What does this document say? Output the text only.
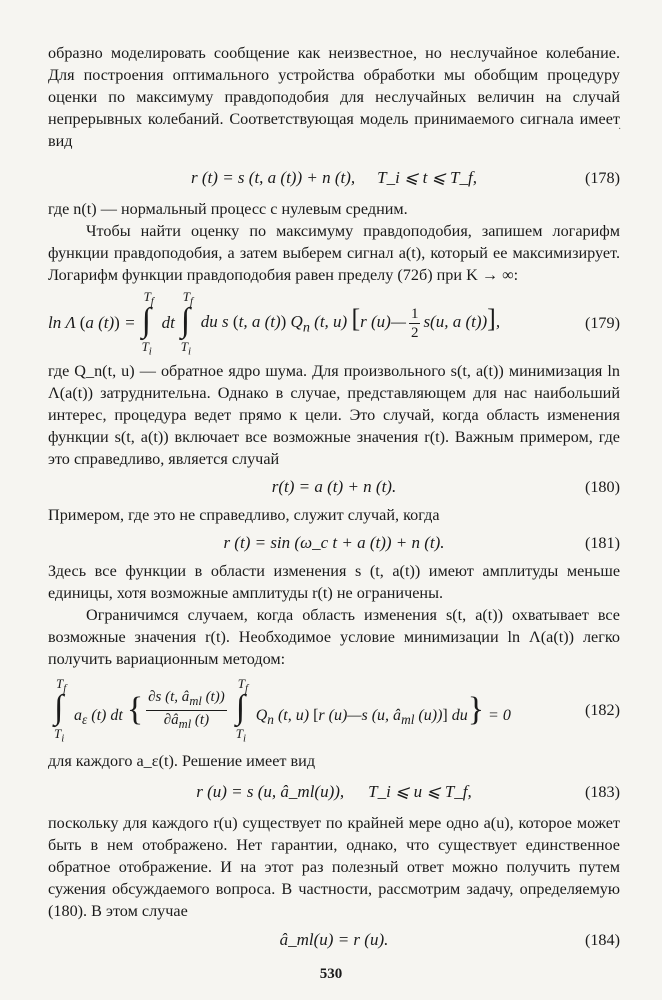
образно моделировать сообщение как неизвестное, но неслучайное колебание. Для построения оптимального устройства обработки мы обобщим процедуру оценки по максимуму правдоподобия для неслучайных величин на случай непрерывных колебаний. Соответствующая модель принимаемого сигнала имеет вид

r (t) = s (t, a (t)) + n (t), T_i ⩽ t ⩽ T_f,	(178)

где n(t) — нормальный процесс с нулевым средним.

Чтобы найти оценку по максимуму правдоподобия, запишем логарифм функции правдоподобия, а затем выберем сигнал a(t), который ее максимизирует. Логарифм функции правдоподобия равен пределу (72б) при K → ∞:

ln Λ (a (t)) =
$T_f$
∫
$T_i$
dt
$T_f$
∫
$T_i$
du s (t, a (t)) $Q_n$ (t, u) [r (u)— $\frac{1}{2} s(u$, a (t))],	(179)

где Q_n(t, u) — обратное ядро шума. Для произвольного s(t, a(t)) минимизация ln Λ(a(t)) затруднительна. Однако в случае, представляющем для нас наибольший интерес, процедура ведет прямо к цели. Это случай, когда область изменения функции s(t, a(t)) включает все возможные значения r(t). Важным примером, где это справедливо, является случай

r(t) = a (t) + n (t).	(180)

Примером, где это не справедливо, служит случай, когда

r (t) = sin (ω_c t + a (t)) + n (t).	(181)

Здесь все функции в области изменения s (t, a(t)) имеют амплитуды меньше единицы, хотя возможные амплитуды r(t) не ограничены.

Ограничимся случаем, когда область изменения s(t, a(t)) охватывает все возможные значения r(t). Необходимое условие минимизации ln Λ(a(t)) легко получить вариационным методом:

$T_f$
∫
$T_i$
$a_\varepsilon$ (t) dt { $\frac{\partial s (t, â_{ml} (t))}{\partial â_{ml} (t)}$
$T_f$
∫
$T_i$
$Q_n$ (t, u) [r (u)—s (u, $â_{ml}$ (u))] du} = 0	(182)

для каждого a_ε(t). Решение имеет вид

r (u) = s (u, â_ml(u)), T_i ⩽ u ⩽ T_f,	(183)

поскольку для каждого r(u) существует по крайней мере одно a(u), которое может быть в нем отображено. Нет гарантии, однако, что существует единственное обратное отображение. И на этот раз полезный ответ можно получить путем сужения обсуждаемого вопроса. В частности, рассмотрим задачу, определяемую (180). В этом случае

â_ml(u) = r (u).	(184)
530
·
